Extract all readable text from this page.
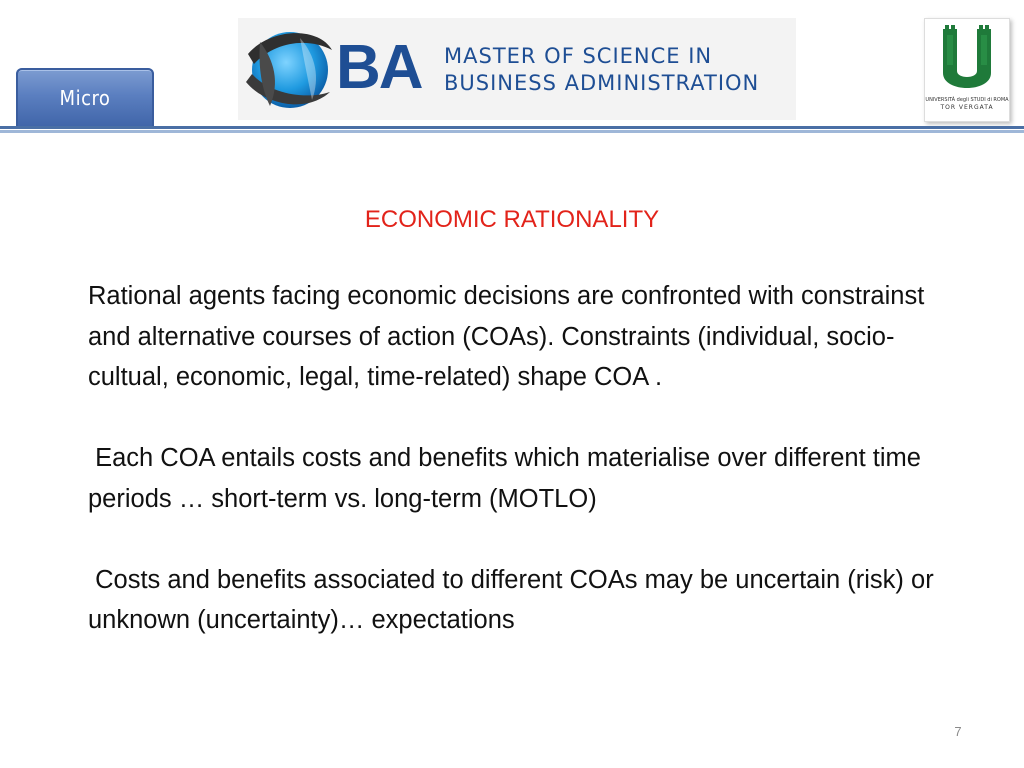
Micro	BA MASTER OF SCIENCE IN
BUSINESS ADMINISTRATION
UNIVERSITÀ degli STUDI di ROMA
TOR VERGATA
ECONOMIC RATIONALITY

Rational agents facing economic decisions are confronted with constrainst and alternative courses of action (COAs). Constraints (individual, socio-cultual, economic, legal, time-related) shape COA .

Each COA entails costs and benefits which materialise over different time periods … short-term vs. long-term (MOTLO)

Costs and benefits associated to different COAs may be uncertain (risk) or unknown (uncertainty)… expectations

7
